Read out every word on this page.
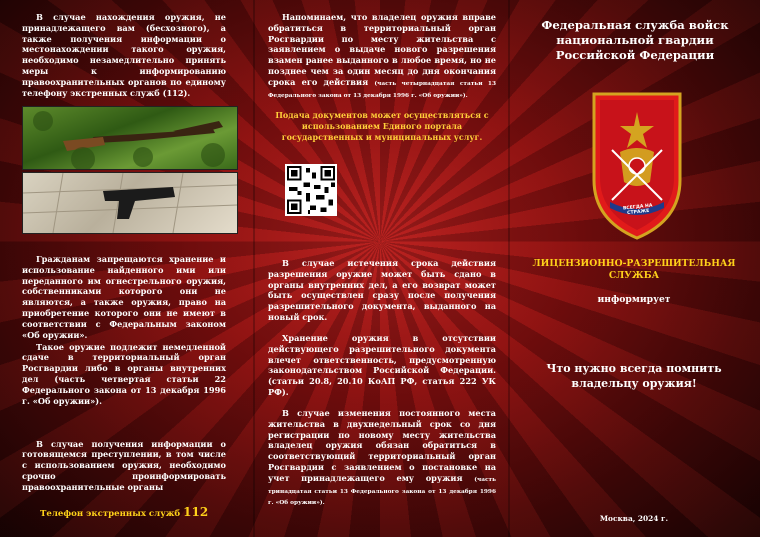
В случае нахождения оружия, не принадлежащего вам (бесхозного), а также получения информации о местонахождении такого оружия, необходимо незамедлительно принять меры к информированию правоохранительных органов по единому телефону экстренных служб (112).

Гражданам запрещаются хранение и использование найденного ими или переданного им огнестрельного оружия, собственниками которого они не являются, а также оружия, право на приобретение которого они не имеют в соответствии с Федеральным законом «Об оружии».

Такое оружие подлежит немедленной сдаче в территориальный орган Росгвардии либо в органы внутренних дел (часть четвертая статьи 22 Федерального закона от 13 декабря 1996 г. «Об оружии»).

В случае получения информации о готовящемся преступлении, в том числе с использованием оружия, необходимо срочно проинформировать правоохранительные органы

Телефон экстренных служб 112

Напоминаем, что владелец оружия вправе обратиться в территориальный орган Росгвардии по месту жительства с заявлением о выдаче нового разрешения взамен ранее выданного в любое время, но не позднее чем за один месяц до дня окончания срока его действия (часть четырнадцатая статьи 13 Федерального закона от 13 декабря 1996 г. «Об оружии»).

Подача документов может осуществляться с использованием Единого портала государственных и муниципальных услуг.

В случае истечения срока действия разрешения оружие может быть сдано в органы внутренних дел, а его возврат может быть осуществлен сразу после получения разрешительного документа, выданного на новый срок.

Хранение оружия в отсутствии действующего разрешительного документа влечет ответственность, предусмотренную законодательством Российской Федерации. (статьи 20.8, 20.10 КоАП РФ, статья 222 УК РФ).

В случае изменения постоянного места жительства в двухнедельный срок со дня регистрации по новому месту жительства владелец оружия обязан обратиться в соответствующий территориальный орган Росгвардии с заявлением о постановке на учет принадлежащего ему оружия (часть тринадцатая статьи 13 Федерального закона от 13 декабря 1996 г. «Об оружии»).

Федеральная служба войск национальной гвардии Российской Федерации
ВСЕГДА НА СТРАЖЕ
ЛИЦЕНЗИОННО-РАЗРЕШИТЕЛЬНАЯ СЛУЖБА
информирует
Что нужно всегда помнить владельцу оружия!
Москва, 2024 г.
